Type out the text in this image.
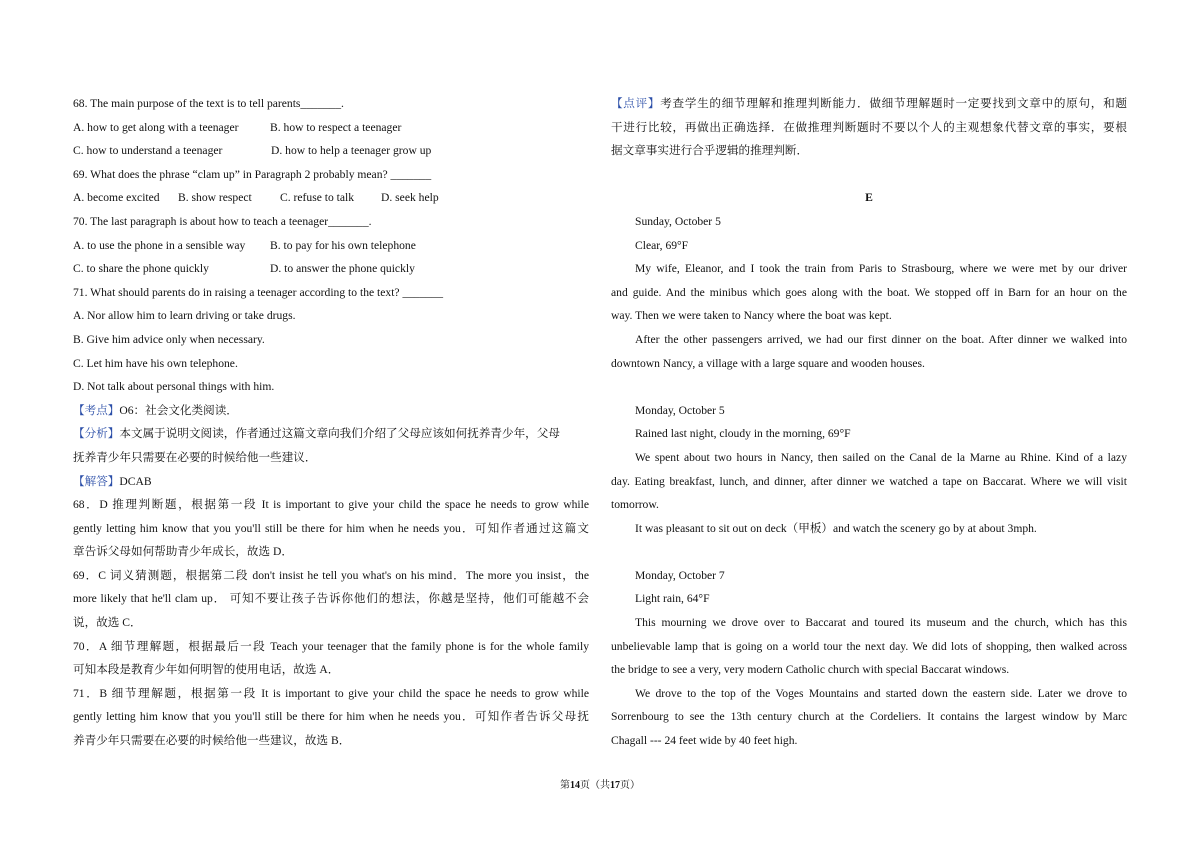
68. The main purpose of the text is to tell parents_______.
A. how to get along with a teenager	B. how to respect a teenager
C. how to understand a teenager	D. how to help a teenager grow up
69. What does the phrase “clam up” in Paragraph 2 probably mean? _______
A. become excited B. show respect C. refuse to talk D. seek help
70. The last paragraph is about how to teach a teenager_______.
A. to use the phone in a sensible way B. to pay for his own telephone
C. to share the phone quickly	D. to answer the phone quickly
71. What should parents do in raising a teenager according to the text? _______
A. Nor allow him to learn driving or take drugs.
B. Give him advice only when necessary.
C. Let him have his own telephone.
D. Not talk about personal things with him.
【考点】O6：社会文化类阅读．
【分析】本文属于说明文阅读，作者通过这篇文章向我们介绍了父母应该如何抚养青少年，父母
抚养青少年只需要在必要的时候给他一些建议．
【解答】DCAB
68．D 推理判断题，根据第一段 It is important to give your child the space he needs to grow while
gently letting him know that you you'll still be there for him when he needs you．可知作者通过这篇文
章告诉父母如何帮助青少年成长，故选 D．
69．C 词义猜测题，根据第二段 don't insist he tell you what's on his mind．The more you insist，the
more likely that he'll clam up． 可知不要让孩子告诉你他们的想法，你越是坚持，他们可能越不会
说，故选 C．
70．A 细节理解题，根据最后一段 Teach your teenager that the family phone is for the whole family
可知本段是教育少年如何明智的使用电话，故选 A．
71．B 细节理解题，根据第一段 It is important to give your child the space he needs to grow while
gently letting him know that you you'll still be there for him when he needs you．可知作者告诉父母抚
养青少年只需要在必要的时候给他一些建议，故选 B．
【点评】考查学生的细节理解和推理判断能力．做细节理解题时一定要找到文章中的原句，和题
干进行比较，再做出正确选择．在做推理判断题时不要以个人的主观想象代替文章的事实，要根
据文章事实进行合乎逻辑的推理判断．
E
Sunday, October 5
Clear, 69°F
My wife, Eleanor, and I took the train from Paris to Strasbourg, where we were met by our driver
and guide. And the minibus which goes along with the boat. We stopped off in Barn for an hour on the
way. Then we were taken to Nancy where the boat was kept.
After the other passengers arrived, we had our first dinner on the boat. After dinner we walked into
downtown Nancy, a village with a large square and wooden houses.
Monday, October 5
Rained last night, cloudy in the morning, 69°F
We spent about two hours in Nancy, then sailed on the Canal de la Marne au Rhine. Kind of a lazy
day. Eating breakfast, lunch, and dinner, after dinner we watched a tape on Baccarat. Where we will visit
tomorrow.
It was pleasant to sit out on deck（甲板）and watch the scenery go by at about 3mph.
Monday, October 7
Light rain, 64°F
This mourning we drove over to Baccarat and toured its museum and the church, which has this
unbelievable lamp that is going on a world tour the next day. We did lots of shopping, then walked across
the bridge to see a very, very modern Catholic church with special Baccarat windows.
We drove to the top of the Voges Mountains and started down the eastern side. Later we drove to
Sorrenbourg to see the 13th century church at the Cordeliers. It contains the largest window by Marc
Chagall --- 24 feet wide by 40 feet high.
第14页（共17页）
